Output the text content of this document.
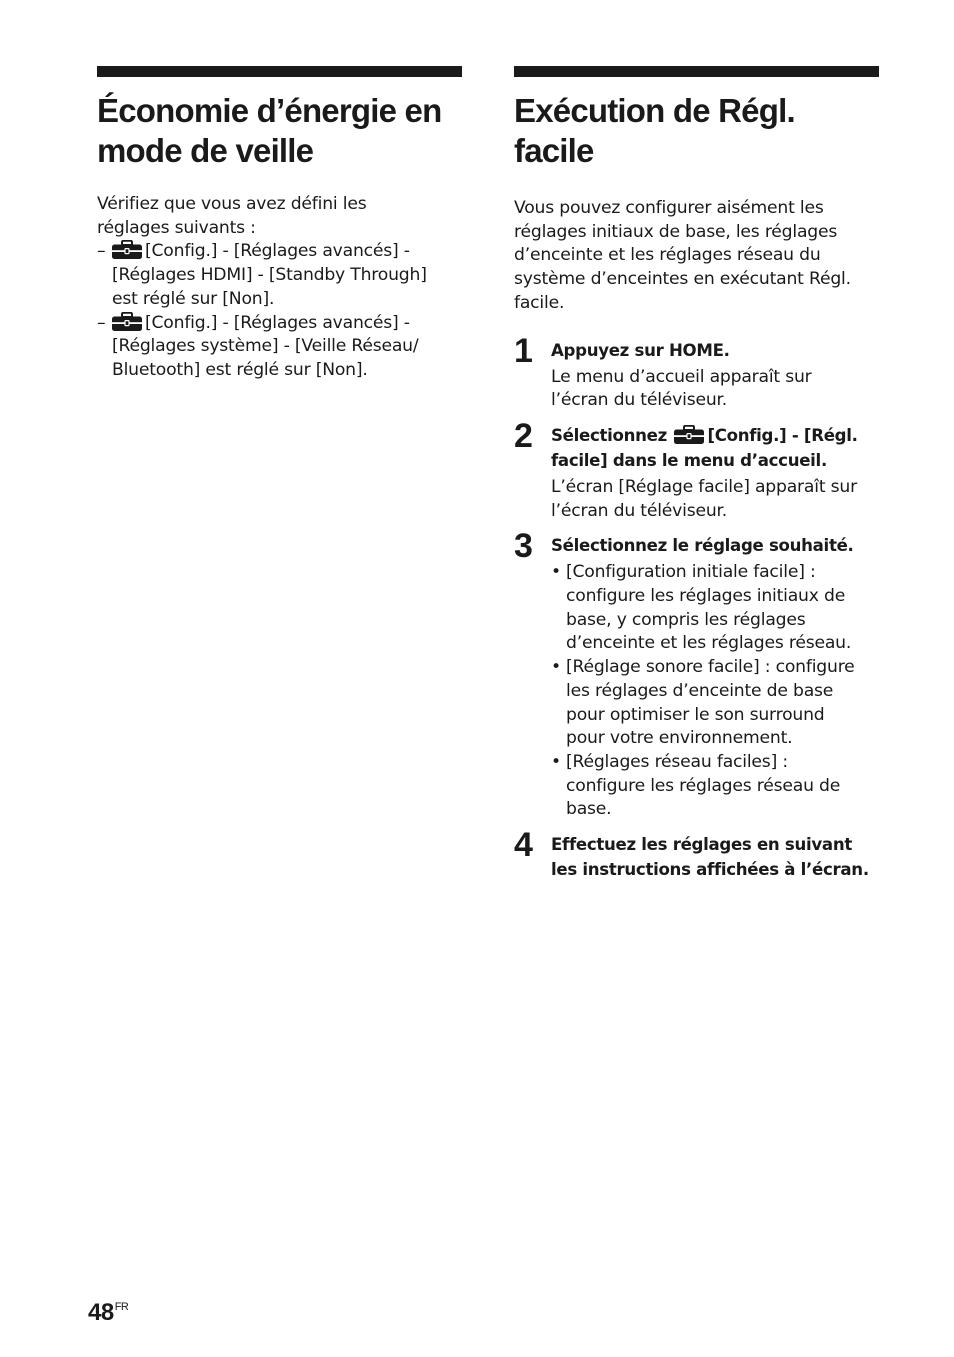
Économie d’énergie en
mode de veille
Vérifiez que vous avez défini les
réglages suivants :
– [Config.] - [Réglages avancés] -
[Réglages HDMI] - [Standby Through]
est réglé sur [Non].
– [Config.] - [Réglages avancés] -
[Réglages système] - [Veille Réseau/
Bluetooth] est réglé sur [Non].
Exécution de Régl. facile
Vous pouvez configurer aisément les
réglages initiaux de base, les réglages
d’enceinte et les réglages réseau du
système d’enceintes en exécutant Régl.
facile.
1 Appuyez sur HOME.
Le menu d’accueil apparaît sur
l’écran du téléviseur.
2 Sélectionnez [Config.] - [Régl.
facile] dans le menu d’accueil.
L’écran [Réglage facile] apparaît sur
l’écran du téléviseur.
3 Sélectionnez le réglage souhaité.
• [Configuration initiale facile] :
configure les réglages initiaux de
base, y compris les réglages
d’enceinte et les réglages réseau.
• [Réglage sonore facile] : configure
les réglages d’enceinte de base
pour optimiser le son surround
pour votre environnement.
• [Réglages réseau faciles] :
configure les réglages réseau de
base.
4 Effectuez les réglages en suivant
les instructions affichées à l’écran.
$48^{FR}$
